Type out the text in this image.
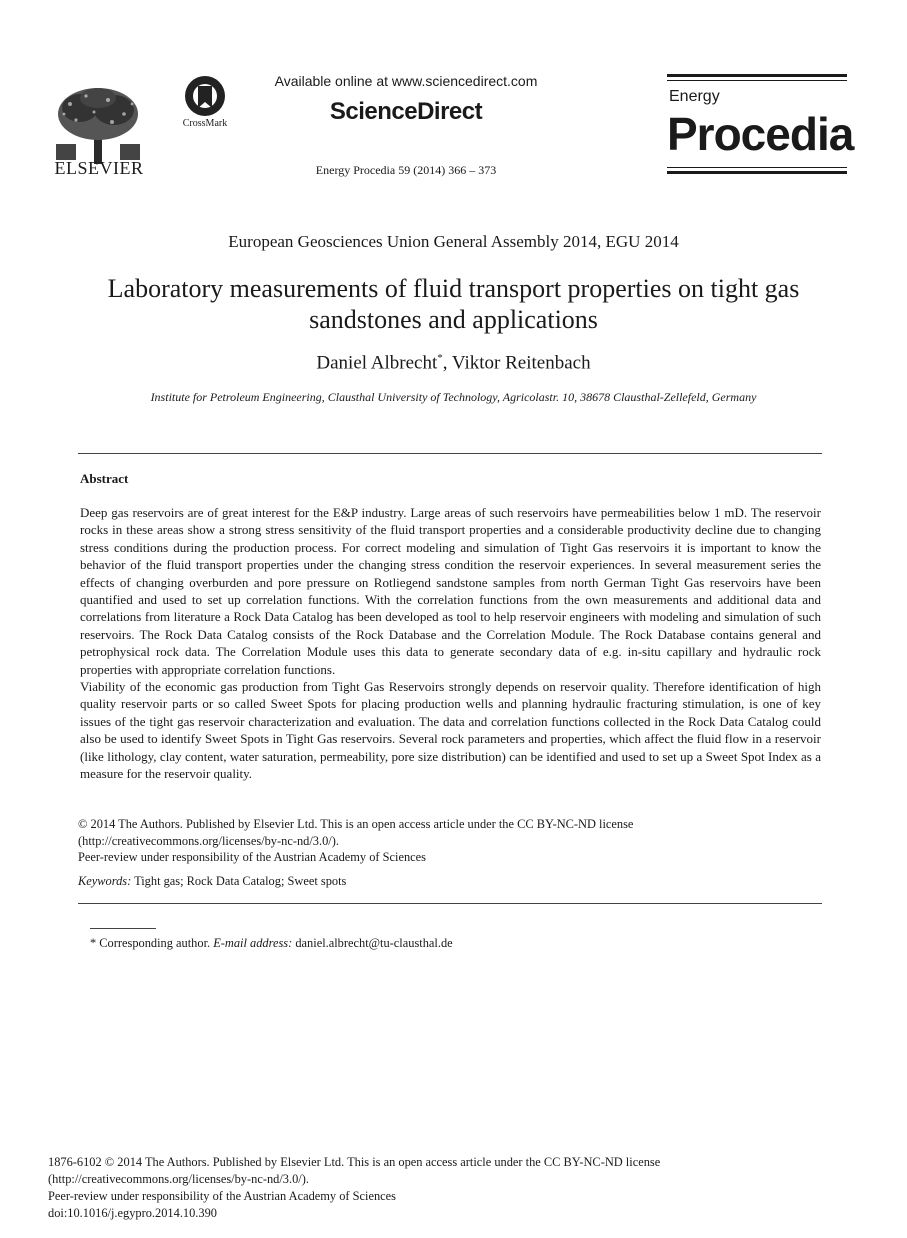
ELSEVIER
CrossMark
Available online at www.sciencedirect.com
ScienceDirect
Energy Procedia 59 (2014) 366 – 373
Energy
Procedia
European Geosciences Union General Assembly 2014, EGU 2014
Laboratory measurements of fluid transport properties on tight gas
sandstones and applications
Daniel Albrecht*, Viktor Reitenbach
Institute for Petroleum Engineering, Clausthal University of Technology, Agricolastr. 10, 38678 Clausthal-Zellefeld, Germany
Abstract

Deep gas reservoirs are of great interest for the E&P industry. Large areas of such reservoirs have permeabilities below 1 mD. The reservoir rocks in these areas show a strong stress sensitivity of the fluid transport properties and a considerable productivity decline due to changing stress conditions during the production process. For correct modeling and simulation of Tight Gas reservoirs it is important to know the behavior of the fluid transport properties under the changing stress condition the reservoir experiences. In several measurement series the effects of changing overburden and pore pressure on Rotliegend sandstone samples from north German Tight Gas reservoirs have been quantified and used to set up correlation functions. With the correlation functions from the own measurements and additional data and correlations from literature a Rock Data Catalog has been developed as tool to help reservoir engineers with modeling and simulation of such reservoirs. The Rock Data Catalog consists of the Rock Database and the Correlation Module. The Rock Database contains general and petrophysical rock data. The Correlation Module uses this data to generate secondary data of e.g. in-situ capillary and hydraulic rock properties with appropriate correlation functions.

Viability of the economic gas production from Tight Gas Reservoirs strongly depends on reservoir quality. Therefore identification of high quality reservoir parts or so called Sweet Spots for placing production wells and planning hydraulic fracturing stimulation, is one of key issues of the tight gas reservoir characterization and evaluation. The data and correlation functions collected in the Rock Data Catalog could also be used to identify Sweet Spots in Tight Gas reservoirs. Several rock parameters and properties, which affect the fluid flow in a reservoir (like lithology, clay content, water saturation, permeability, pore size distribution) can be identified and used to set up a Sweet Spot Index as a measure for the reservoir quality.

© 2014 The Authors. Published by Elsevier Ltd. This is an open access article under the CC BY-NC-ND license
(http://creativecommons.org/licenses/by-nc-nd/3.0/).
Peer-review under responsibility of the Austrian Academy of Sciences
Keywords: Tight gas; Rock Data Catalog; Sweet spots
* Corresponding author. E-mail address: daniel.albrecht@tu-clausthal.de
1876-6102 © 2014 The Authors. Published by Elsevier Ltd. This is an open access article under the CC BY-NC-ND license
(http://creativecommons.org/licenses/by-nc-nd/3.0/).
Peer-review under responsibility of the Austrian Academy of Sciences
doi:10.1016/j.egypro.2014.10.390
